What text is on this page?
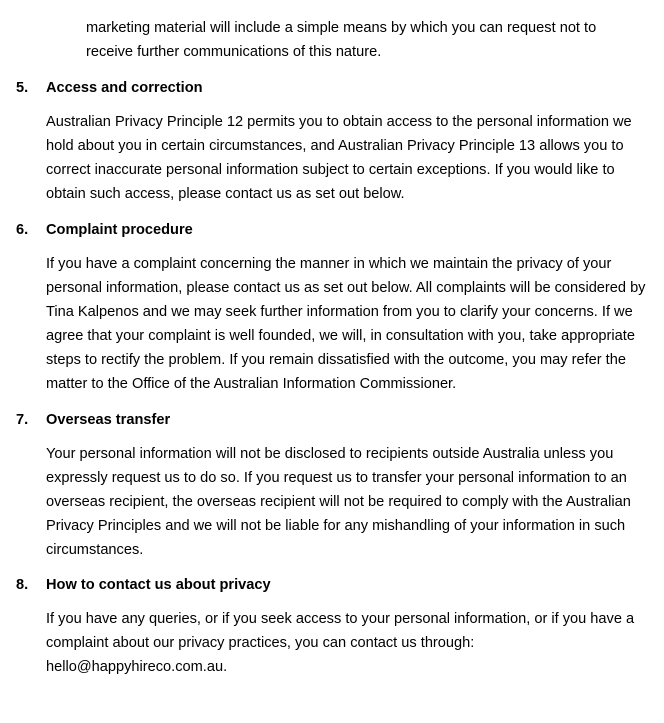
marketing material will include a simple means by which you can request not to receive further communications of this nature.

5. Access and correction

Australian Privacy Principle 12 permits you to obtain access to the personal information we hold about you in certain circumstances, and Australian Privacy Principle 13 allows you to correct inaccurate personal information subject to certain exceptions. If you would like to obtain such access, please contact us as set out below.

6. Complaint procedure

If you have a complaint concerning the manner in which we maintain the privacy of your personal information, please contact us as set out below. All complaints will be considered by Tina Kalpenos and we may seek further information from you to clarify your concerns. If we agree that your complaint is well founded, we will, in consultation with you, take appropriate steps to rectify the problem. If you remain dissatisfied with the outcome, you may refer the matter to the Office of the Australian Information Commissioner.

7. Overseas transfer

Your personal information will not be disclosed to recipients outside Australia unless you expressly request us to do so. If you request us to transfer your personal information to an overseas recipient, the overseas recipient will not be required to comply with the Australian Privacy Principles and we will not be liable for any mishandling of your information in such circumstances.

8. How to contact us about privacy

If you have any queries, or if you seek access to your personal information, or if you have a complaint about our privacy practices, you can contact us through: hello@happyhireco.com.au.
